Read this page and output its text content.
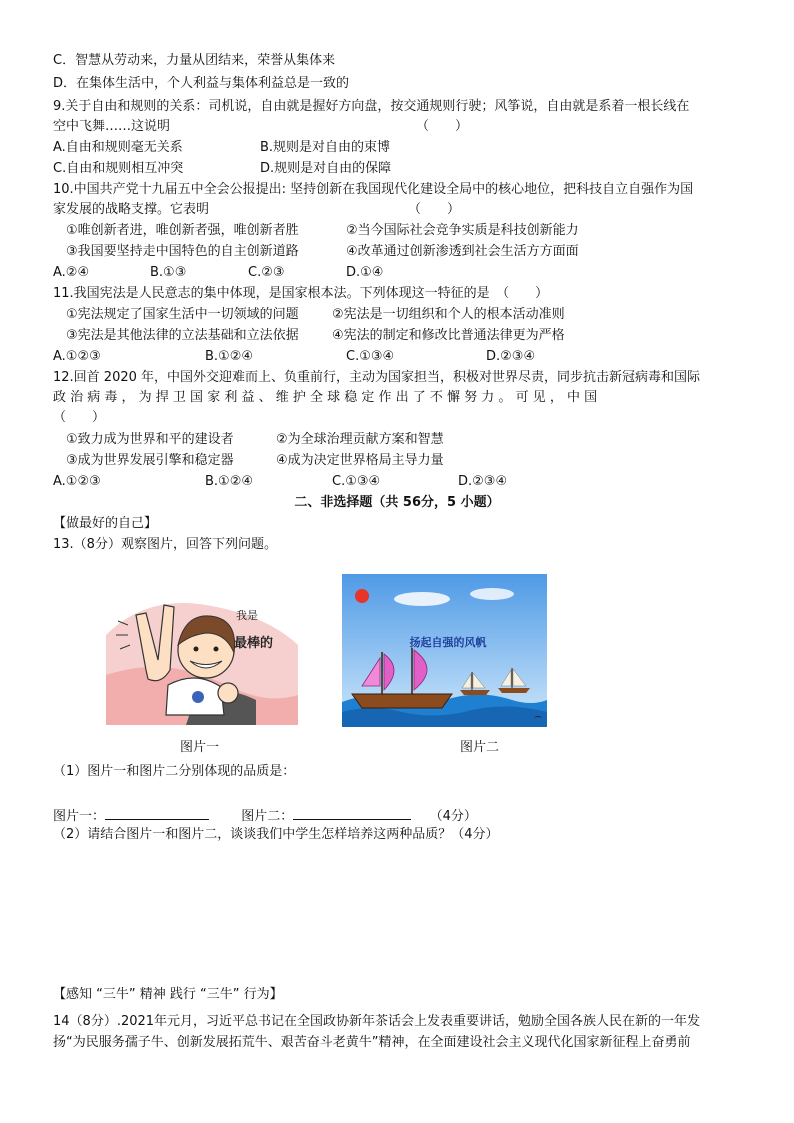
C．智慧从劳动来，力量从团结来，荣誉从集体来
D．在集体生活中，个人利益与集体利益总是一致的
9.关于自由和规则的关系：司机说，自由就是握好方向盘，按交通规则行驶；风筝说，自由就是系着一根长线在
空中飞舞……这说明	（　　）
A.自由和规则毫无关系	B.规则是对自由的束博
C.自由和规则相互冲突	D.规则是对自由的保障
10.中国共产党十九届五中全会公报提出: 坚持创新在我国现代化建设全局中的核心地位，把科技自立自强作为国
家发展的战略支撑。它表明	（　　）
①唯创新者进，唯创新者强，唯创新者胜	②当今国际社会竞争实质是科技创新能力
③我国要坚持走中国特色的自主创新道路	④改革通过创新渗透到社会生活方方面面
A.②④	B.①③	C.②③	D.①④
11.我国宪法是人民意志的集中体现，是国家根本法。下列体现这一特征的是　（　　）
①宪法规定了国家生活中一切领域的问题	②宪法是一切组织和个人的根本活动准则
③宪法是其他法律的立法基础和立法依据	④宪法的制定和修改比普通法律更为严格
A.①②③	B.①②④	C.①③④	D.②③④
12.回首 2020 年，中国外交迎难而上、负重前行，主动为国家担当，积极对世界尽责，同步抗击新冠病毒和国际
政 治 病 毒 ， 为 捍 卫 国 家 利 益 、 维 护 全 球 稳 定 作 出 了 不 懈 努 力 。 可 见 ， 中 国
（　　）
①致力成为世界和平的建设者	②为全球治理贡献方案和智慧
③成为世界发展引擎和稳定器	④成为决定世界格局主导力量
A.①②③	B.①②④	C.①③④	D.②③④
二、非选择题（共 56分，5 小题）
【做最好的自己】
13.（8分）观察图片，回答下列问题。
我是
最棒的	扬起自强的风帆
图片一	图片二
（1）图片一和图片二分别体现的品质是：
图片一：	图片二：	（4分）
（2）请结合图片一和图片二，谈谈我们中学生怎样培养这两种品质？（4分）
【感知 “三牛” 精神 践行 “三牛” 行为】
14（8分）.2021年元月，习近平总书记在全国政协新年茶话会上发表重要讲话，勉励全国各族人民在新的一年发
扬“为民服务孺子牛、创新发展拓荒牛、艰苦奋斗老黄牛”精神，在全面建设社会主义现代化国家新征程上奋勇前
